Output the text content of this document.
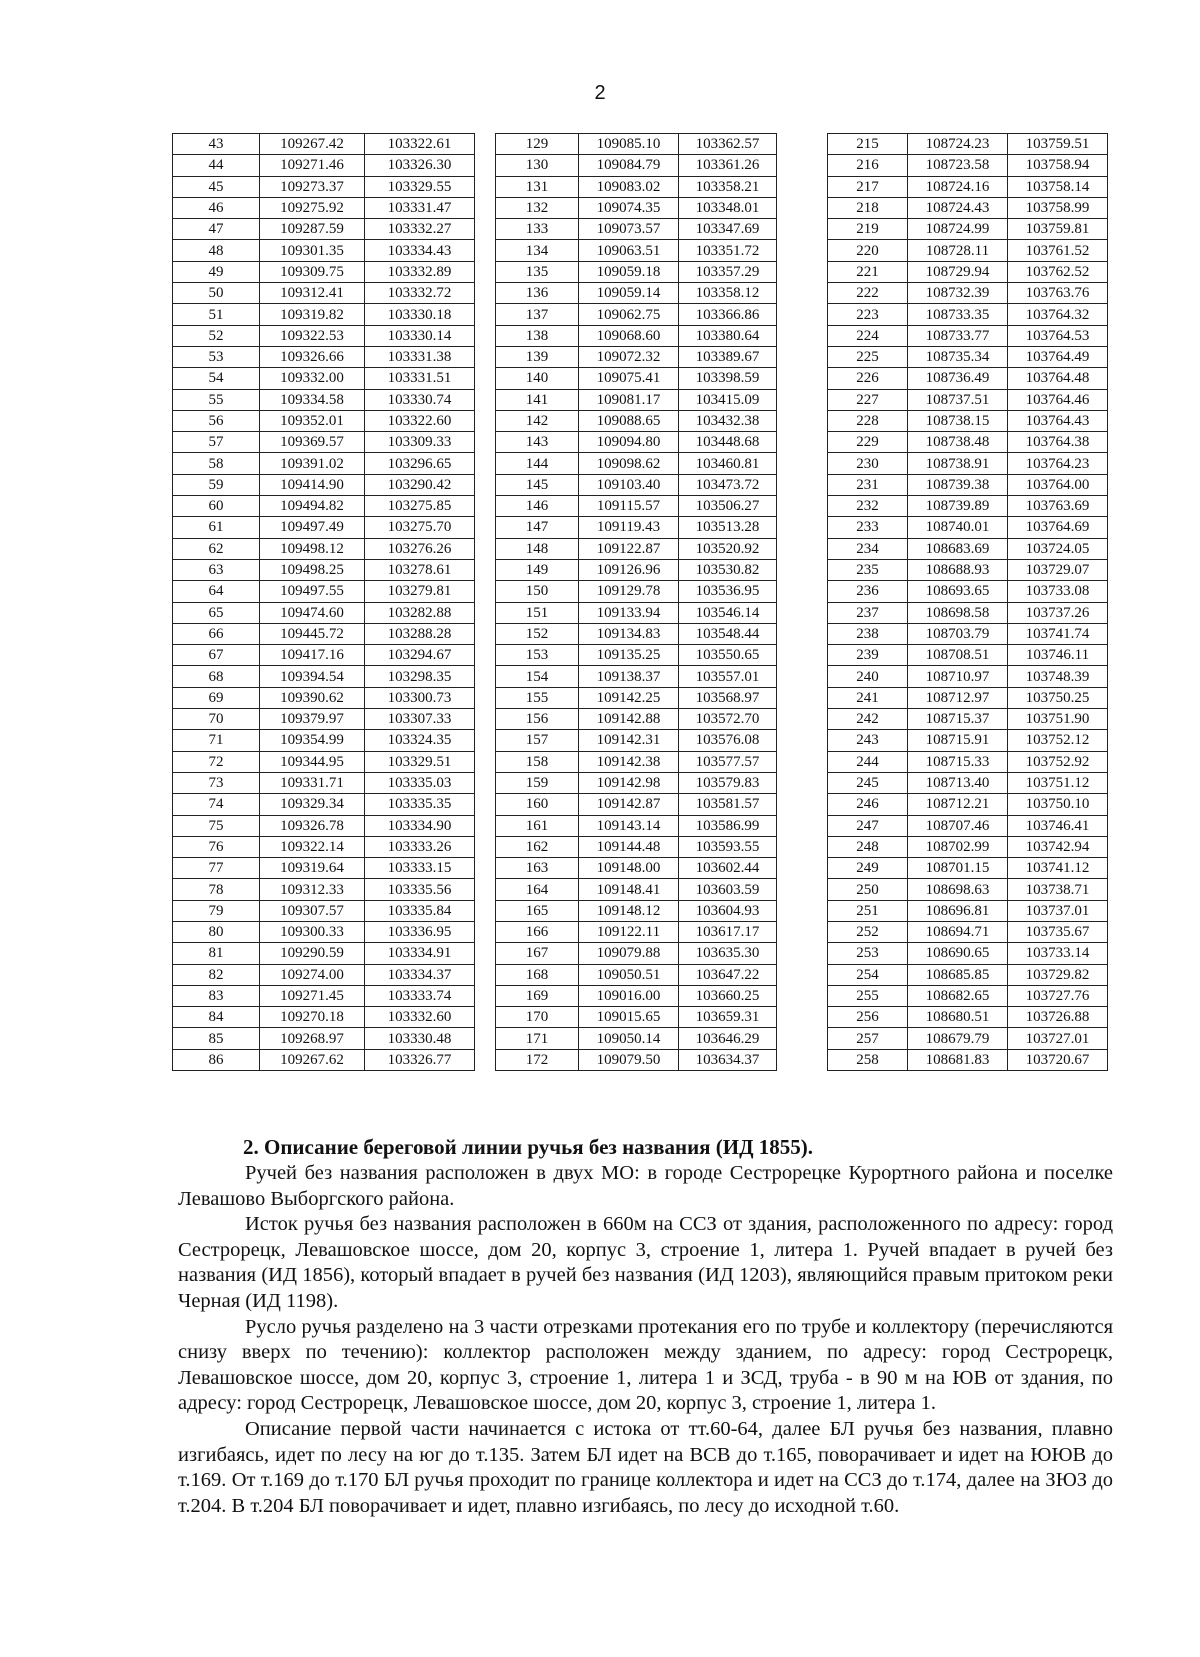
2
43	109267.42	103322.61
44	109271.46	103326.30
45	109273.37	103329.55
46	109275.92	103331.47
47	109287.59	103332.27
48	109301.35	103334.43
49	109309.75	103332.89
50	109312.41	103332.72
51	109319.82	103330.18
52	109322.53	103330.14
53	109326.66	103331.38
54	109332.00	103331.51
55	109334.58	103330.74
56	109352.01	103322.60
57	109369.57	103309.33
58	109391.02	103296.65
59	109414.90	103290.42
60	109494.82	103275.85
61	109497.49	103275.70
62	109498.12	103276.26
63	109498.25	103278.61
64	109497.55	103279.81
65	109474.60	103282.88
66	109445.72	103288.28
67	109417.16	103294.67
68	109394.54	103298.35
69	109390.62	103300.73
70	109379.97	103307.33
71	109354.99	103324.35
72	109344.95	103329.51
73	109331.71	103335.03
74	109329.34	103335.35
75	109326.78	103334.90
76	109322.14	103333.26
77	109319.64	103333.15
78	109312.33	103335.56
79	109307.57	103335.84
80	109300.33	103336.95
81	109290.59	103334.91
82	109274.00	103334.37
83	109271.45	103333.74
84	109270.18	103332.60
85	109268.97	103330.48
86	109267.62	103326.77
129	109085.10	103362.57
130	109084.79	103361.26
131	109083.02	103358.21
132	109074.35	103348.01
133	109073.57	103347.69
134	109063.51	103351.72
135	109059.18	103357.29
136	109059.14	103358.12
137	109062.75	103366.86
138	109068.60	103380.64
139	109072.32	103389.67
140	109075.41	103398.59
141	109081.17	103415.09
142	109088.65	103432.38
143	109094.80	103448.68
144	109098.62	103460.81
145	109103.40	103473.72
146	109115.57	103506.27
147	109119.43	103513.28
148	109122.87	103520.92
149	109126.96	103530.82
150	109129.78	103536.95
151	109133.94	103546.14
152	109134.83	103548.44
153	109135.25	103550.65
154	109138.37	103557.01
155	109142.25	103568.97
156	109142.88	103572.70
157	109142.31	103576.08
158	109142.38	103577.57
159	109142.98	103579.83
160	109142.87	103581.57
161	109143.14	103586.99
162	109144.48	103593.55
163	109148.00	103602.44
164	109148.41	103603.59
165	109148.12	103604.93
166	109122.11	103617.17
167	109079.88	103635.30
168	109050.51	103647.22
169	109016.00	103660.25
170	109015.65	103659.31
171	109050.14	103646.29
172	109079.50	103634.37
215	108724.23	103759.51
216	108723.58	103758.94
217	108724.16	103758.14
218	108724.43	103758.99
219	108724.99	103759.81
220	108728.11	103761.52
221	108729.94	103762.52
222	108732.39	103763.76
223	108733.35	103764.32
224	108733.77	103764.53
225	108735.34	103764.49
226	108736.49	103764.48
227	108737.51	103764.46
228	108738.15	103764.43
229	108738.48	103764.38
230	108738.91	103764.23
231	108739.38	103764.00
232	108739.89	103763.69
233	108740.01	103764.69
234	108683.69	103724.05
235	108688.93	103729.07
236	108693.65	103733.08
237	108698.58	103737.26
238	108703.79	103741.74
239	108708.51	103746.11
240	108710.97	103748.39
241	108712.97	103750.25
242	108715.37	103751.90
243	108715.91	103752.12
244	108715.33	103752.92
245	108713.40	103751.12
246	108712.21	103750.10
247	108707.46	103746.41
248	108702.99	103742.94
249	108701.15	103741.12
250	108698.63	103738.71
251	108696.81	103737.01
252	108694.71	103735.67
253	108690.65	103733.14
254	108685.85	103729.82
255	108682.65	103727.76
256	108680.51	103726.88
257	108679.79	103727.01
258	108681.83	103720.67

2. Описание береговой линии ручья без названия (ИД 1855).

Ручей без названия расположен в двух МО: в городе Сестрорецке Курортного района и поселке Левашово Выборгского района.

Исток ручья без названия расположен в 660м на ССЗ от здания, расположенного по адресу: город Сестрорецк, Левашовское шоссе, дом 20, корпус 3, строение 1, литера 1. Ручей впадает в ручей без названия (ИД 1856), который впадает в ручей без названия (ИД 1203), являющийся правым притоком реки Черная (ИД 1198).

Русло ручья разделено на 3 части отрезками протекания его по трубе и коллектору (перечисляются снизу вверх по течению): коллектор расположен между зданием, по адресу: город Сестрорецк, Левашовское шоссе, дом 20, корпус 3, строение 1, литера 1 и ЗСД, труба - в 90 м на ЮВ от здания, по адресу: город Сестрорецк, Левашовское шоссе, дом 20, корпус 3, строение 1, литера 1.

Описание первой части начинается с истока от тт.60-64, далее БЛ ручья без названия, плавно изгибаясь, идет по лесу на юг до т.135. Затем БЛ идет на ВСВ до т.165, поворачивает и идет на ЮЮВ до т.169. От т.169 до т.170 БЛ ручья проходит по границе коллектора и идет на ССЗ до т.174, далее на ЗЮЗ до т.204. В т.204 БЛ поворачивает и идет, плавно изгибаясь, по лесу до исходной т.60.
